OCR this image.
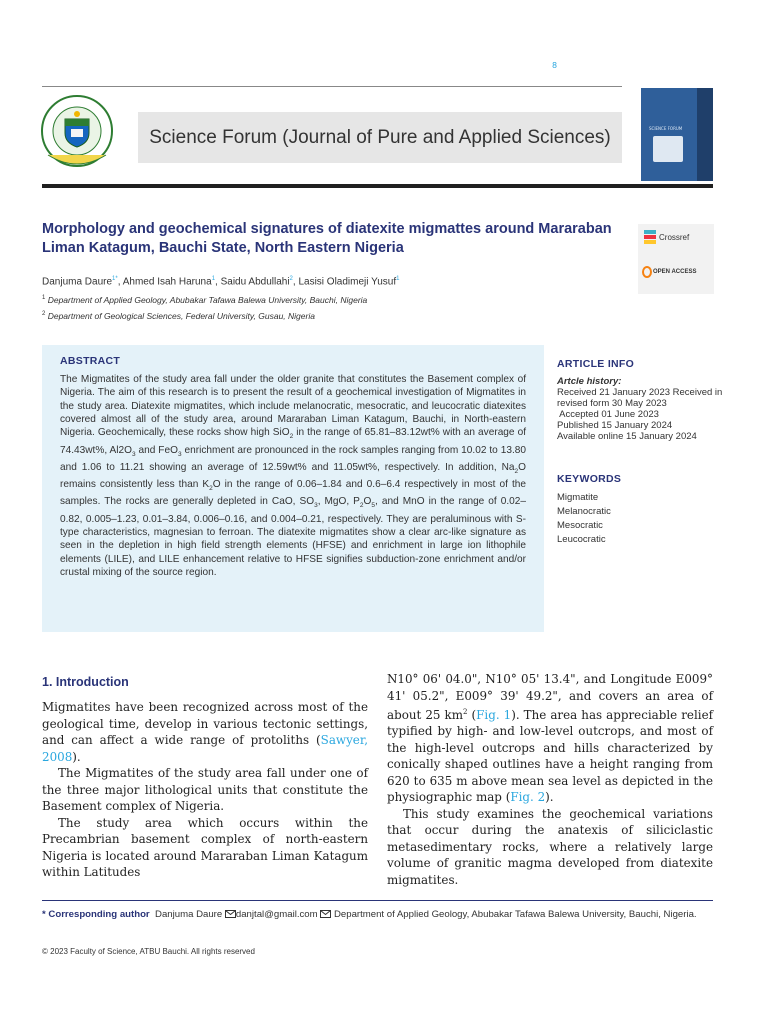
8
Science Forum (Journal of Pure and Applied Sciences)	SCIENCE FORUM
Morphology and geochemical signatures of diatexite migmattes around Mararaban Liman Katagum, Bauchi State, North Eastern Nigeria
Crossref
OPEN ACCESS
Danjuma Daure$^{1*}$, Ahmed Isah Haruna$^1$, Saidu Abdullahi$^2$, Lasisi Oladimeji Yusuf$^1$
$^1$ Department of Applied Geology, Abubakar Tafawa Balewa University, Bauchi, Nigeria
$^2$ Department of Geological Sciences, Federal University, Gusau, Nigeria
ABSTRACT
The Migmatites of the study area fall under the older granite that constitutes the Basement complex of Nigeria. The aim of this research is to present the result of a geochemical investigation of Migmatites in the study area. Diatexite migmatites, which include melanocratic, mesocratic, and leucocratic diatexites covered almost all of the study area, around Mararaban Liman Katagum, Bauchi, in North-eastern Nigeria. Geochemically, these rocks show high SiO$_2$ in the range of 65.81–83.12wt% with an average of 74.43wt%, $Al2O_3$ and FeO$_3$ enrichment are pronounced in the rock samples ranging from 10.02 to 13.80 and 1.06 to 11.21 showing an average of 12.59wt% and 11.05wt%, respectively. In addition, $Na_2O$ remains consistently less than $K_2O$ in the range of 0.06–1.84 and 0.6–6.4 respectively in most of the samples. The rocks are generally depleted in CaO, $SO_3$, MgO, $P_2O_5$, and MnO in the range of 0.02–0.82, 0.005–1.23, 0.01–3.84, 0.006–0.16, and 0.004–0.21, respectively. They are peraluminous with S-type characteristics, magnesian to ferroan. The diatexite migmatites show a clear arc-like signature as seen in the depletion in high field strength elements (HFSE) and enrichment in large ion lithophile elements (LILE), and LILE enhancement relative to HFSE signifies subduction-zone enrichment and/or crustal mixing of the source region.
ARTICLE INFO
Artcle history:
Received 21 January 2023 Received in
revised form 30 May 2023
Accepted 01 June 2023
Published 15 January 2024
Available online 15 January 2024
KEYWORDS
Migmatite
Melanocratic
Mesocratic
Leucocratic
1. Introduction

Migmatites have been recognized across most of the geological time, develop in various tectonic settings, and can affect a wide range of protoliths (Sawyer, 2008).

The Migmatites of the study area fall under one of the three major lithological units that constitute the Basement complex of Nigeria.

The study area which occurs within the Precambrian basement complex of north-eastern Nigeria is located around Mararaban Liman Katagum within Latitudes

N10° 06' 04.0", N10° 05' 13.4", and Longitude E009° 41' 05.2", E009° 39' 49.2", and covers an area of about 25 $km^2$ (Fig. 1). The area has appreciable relief typified by high- and low-level outcrops, and most of the high-level outcrops and hills characterized by conically shaped outlines have a height ranging from 620 to 635 m above mean sea level as depicted in the physiographic map (Fig. 2).

This study examines the geochemical variations that occur during the anatexis of siliciclastic metasedimentary rocks, where a relatively large volume of granitic magma developed from diatexite migmatites.

* Corresponding author Danjuma Daure danjtal@gmail.com Department of Applied Geology, Abubakar Tafawa Balewa University, Bauchi, Nigeria.
© 2023 Faculty of Science, ATBU Bauchi. All rights reserved
